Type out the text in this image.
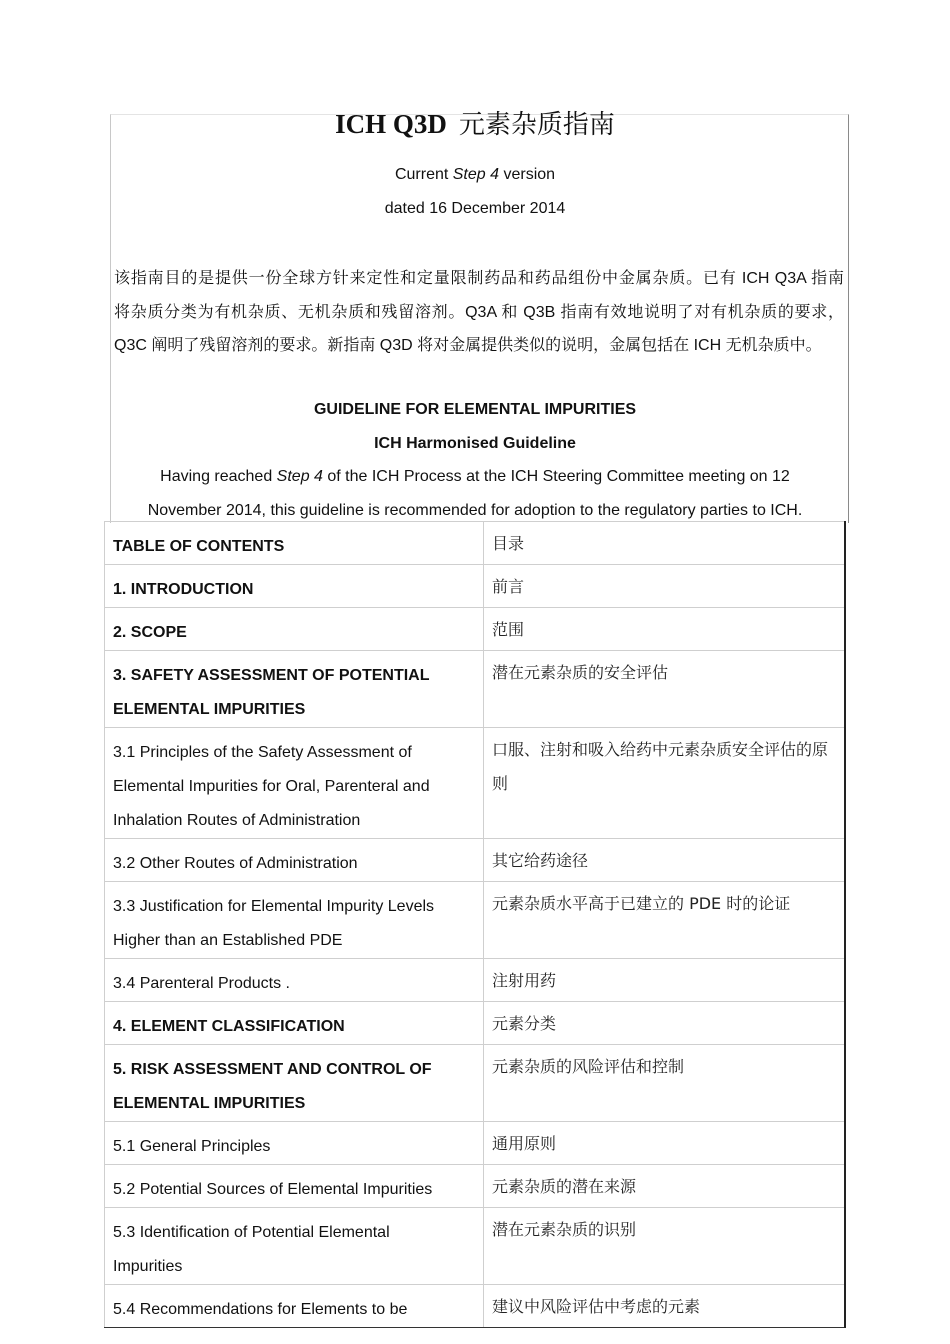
ICH Q3D 元素杂质指南
Current Step 4 version
dated 16 December 2014

该指南目的是提供一份全球方针来定性和定量限制药品和药品组份中金属杂质。已有 ICH Q3A 指南

将杂质分类为有机杂质、无机杂质和残留溶剂。Q3A 和 Q3B 指南有效地说明了对有机杂质的要求，

Q3C 阐明了残留溶剂的要求。新指南 Q3D 将对金属提供类似的说明，金属包括在 ICH 无机杂质中。

GUIDELINE FOR ELEMENTAL IMPURITIES
ICH Harmonised Guideline
Having reached Step 4 of the ICH Process at the ICH Steering Committee meeting on 12
November 2014, this guideline is recommended for adoption to the regulatory parties to ICH.
TABLE OF CONTENTS	目录

1. INTRODUCTION	前言

2. SCOPE	范围

3. SAFETY ASSESSMENT OF POTENTIAL
ELEMENTAL IMPURITIES	潜在元素杂质的安全评估

3.1 Principles of the Safety Assessment of
Elemental Impurities for Oral, Parenteral and
Inhalation Routes of Administration	口服、注射和吸入给药中元素杂质安全评估的原则

3.2 Other Routes of Administration	其它给药途径

3.3 Justification for Elemental Impurity Levels
Higher than an Established PDE	元素杂质水平高于已建立的 PDE 时的论证

3.4 Parenteral Products .	注射用药

4. ELEMENT CLASSIFICATION	元素分类

5. RISK ASSESSMENT AND CONTROL OF
ELEMENTAL IMPURITIES	元素杂质的风险评估和控制

5.1 General Principles	通用原则

5.2 Potential Sources of Elemental Impurities	元素杂质的潜在来源

5.3 Identification of Potential Elemental
Impurities	潜在元素杂质的识别

5.4 Recommendations for Elements to be	建议中风险评估中考虑的元素
